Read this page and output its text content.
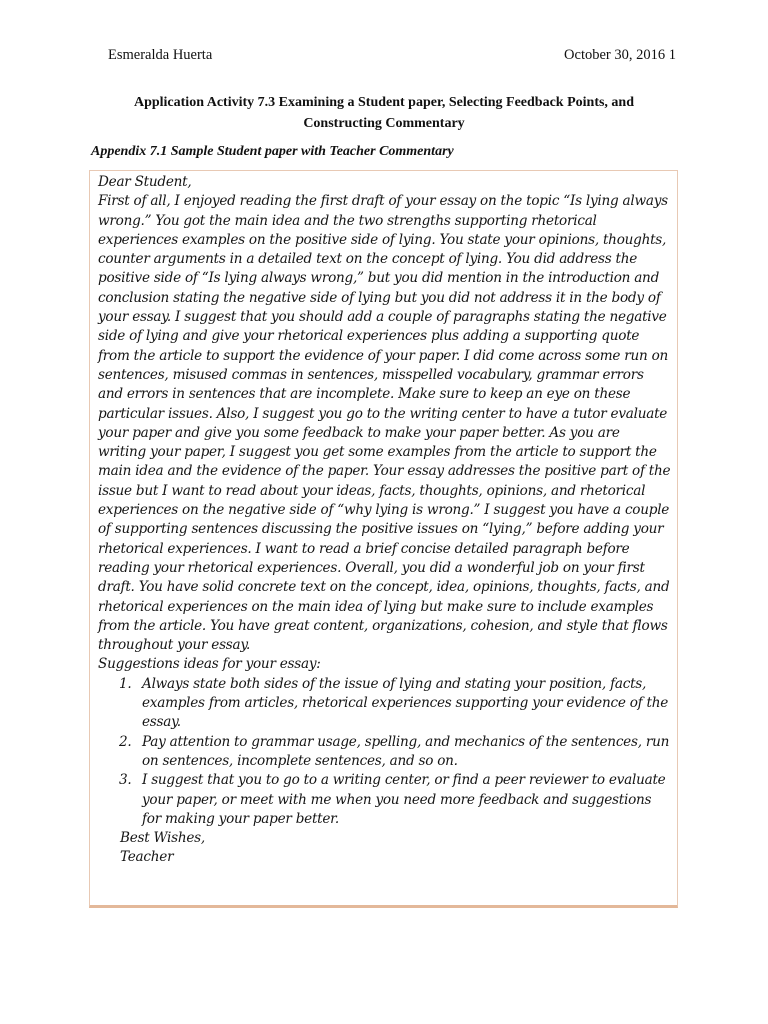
Esmeralda Huerta	October 30, 2016 1
Application Activity 7.3 Examining a Student paper, Selecting Feedback Points, and
Constructing Commentary
Appendix 7.1 Sample Student paper with Teacher Commentary

Dear Student,

First of all, I enjoyed reading the first draft of your essay on the topic “Is lying always wrong.” You got the main idea and the two strengths supporting rhetorical experiences examples on the positive side of lying. You state your opinions, thoughts, counter arguments in a detailed text on the concept of lying. You did address the positive side of “Is lying always wrong,” but you did mention in the introduction and conclusion stating the negative side of lying but you did not address it in the body of your essay. I suggest that you should add a couple of paragraphs stating the negative side of lying and give your rhetorical experiences plus adding a supporting quote from the article to support the evidence of your paper. I did come across some run on sentences, misused commas in sentences, misspelled vocabulary, grammar errors and errors in sentences that are incomplete. Make sure to keep an eye on these particular issues. Also, I suggest you go to the writing center to have a tutor evaluate your paper and give you some feedback to make your paper better. As you are writing your paper, I suggest you get some examples from the article to support the main idea and the evidence of the paper. Your essay addresses the positive part of the issue but I want to read about your ideas, facts, thoughts, opinions, and rhetorical experiences on the negative side of “why lying is wrong.” I suggest you have a couple of supporting sentences discussing the positive issues on “lying,” before adding your rhetorical experiences. I want to read a brief concise detailed paragraph before reading your rhetorical experiences. Overall, you did a wonderful job on your first draft. You have solid concrete text on the concept, idea, opinions, thoughts, facts, and rhetorical experiences on the main idea of lying but make sure to include examples from the article. You have great content, organizations, cohesion, and style that flows throughout your essay.

Suggestions ideas for your essay:

1. Always state both sides of the issue of lying and stating your position, facts, examples from articles, rhetorical experiences supporting your evidence of the essay.
2. Pay attention to grammar usage, spelling, and mechanics of the sentences, run on sentences, incomplete sentences, and so on.
3. I suggest that you to go to a writing center, or find a peer reviewer to evaluate your paper, or meet with me when you need more feedback and suggestions for making your paper better.

Best Wishes,

Teacher
